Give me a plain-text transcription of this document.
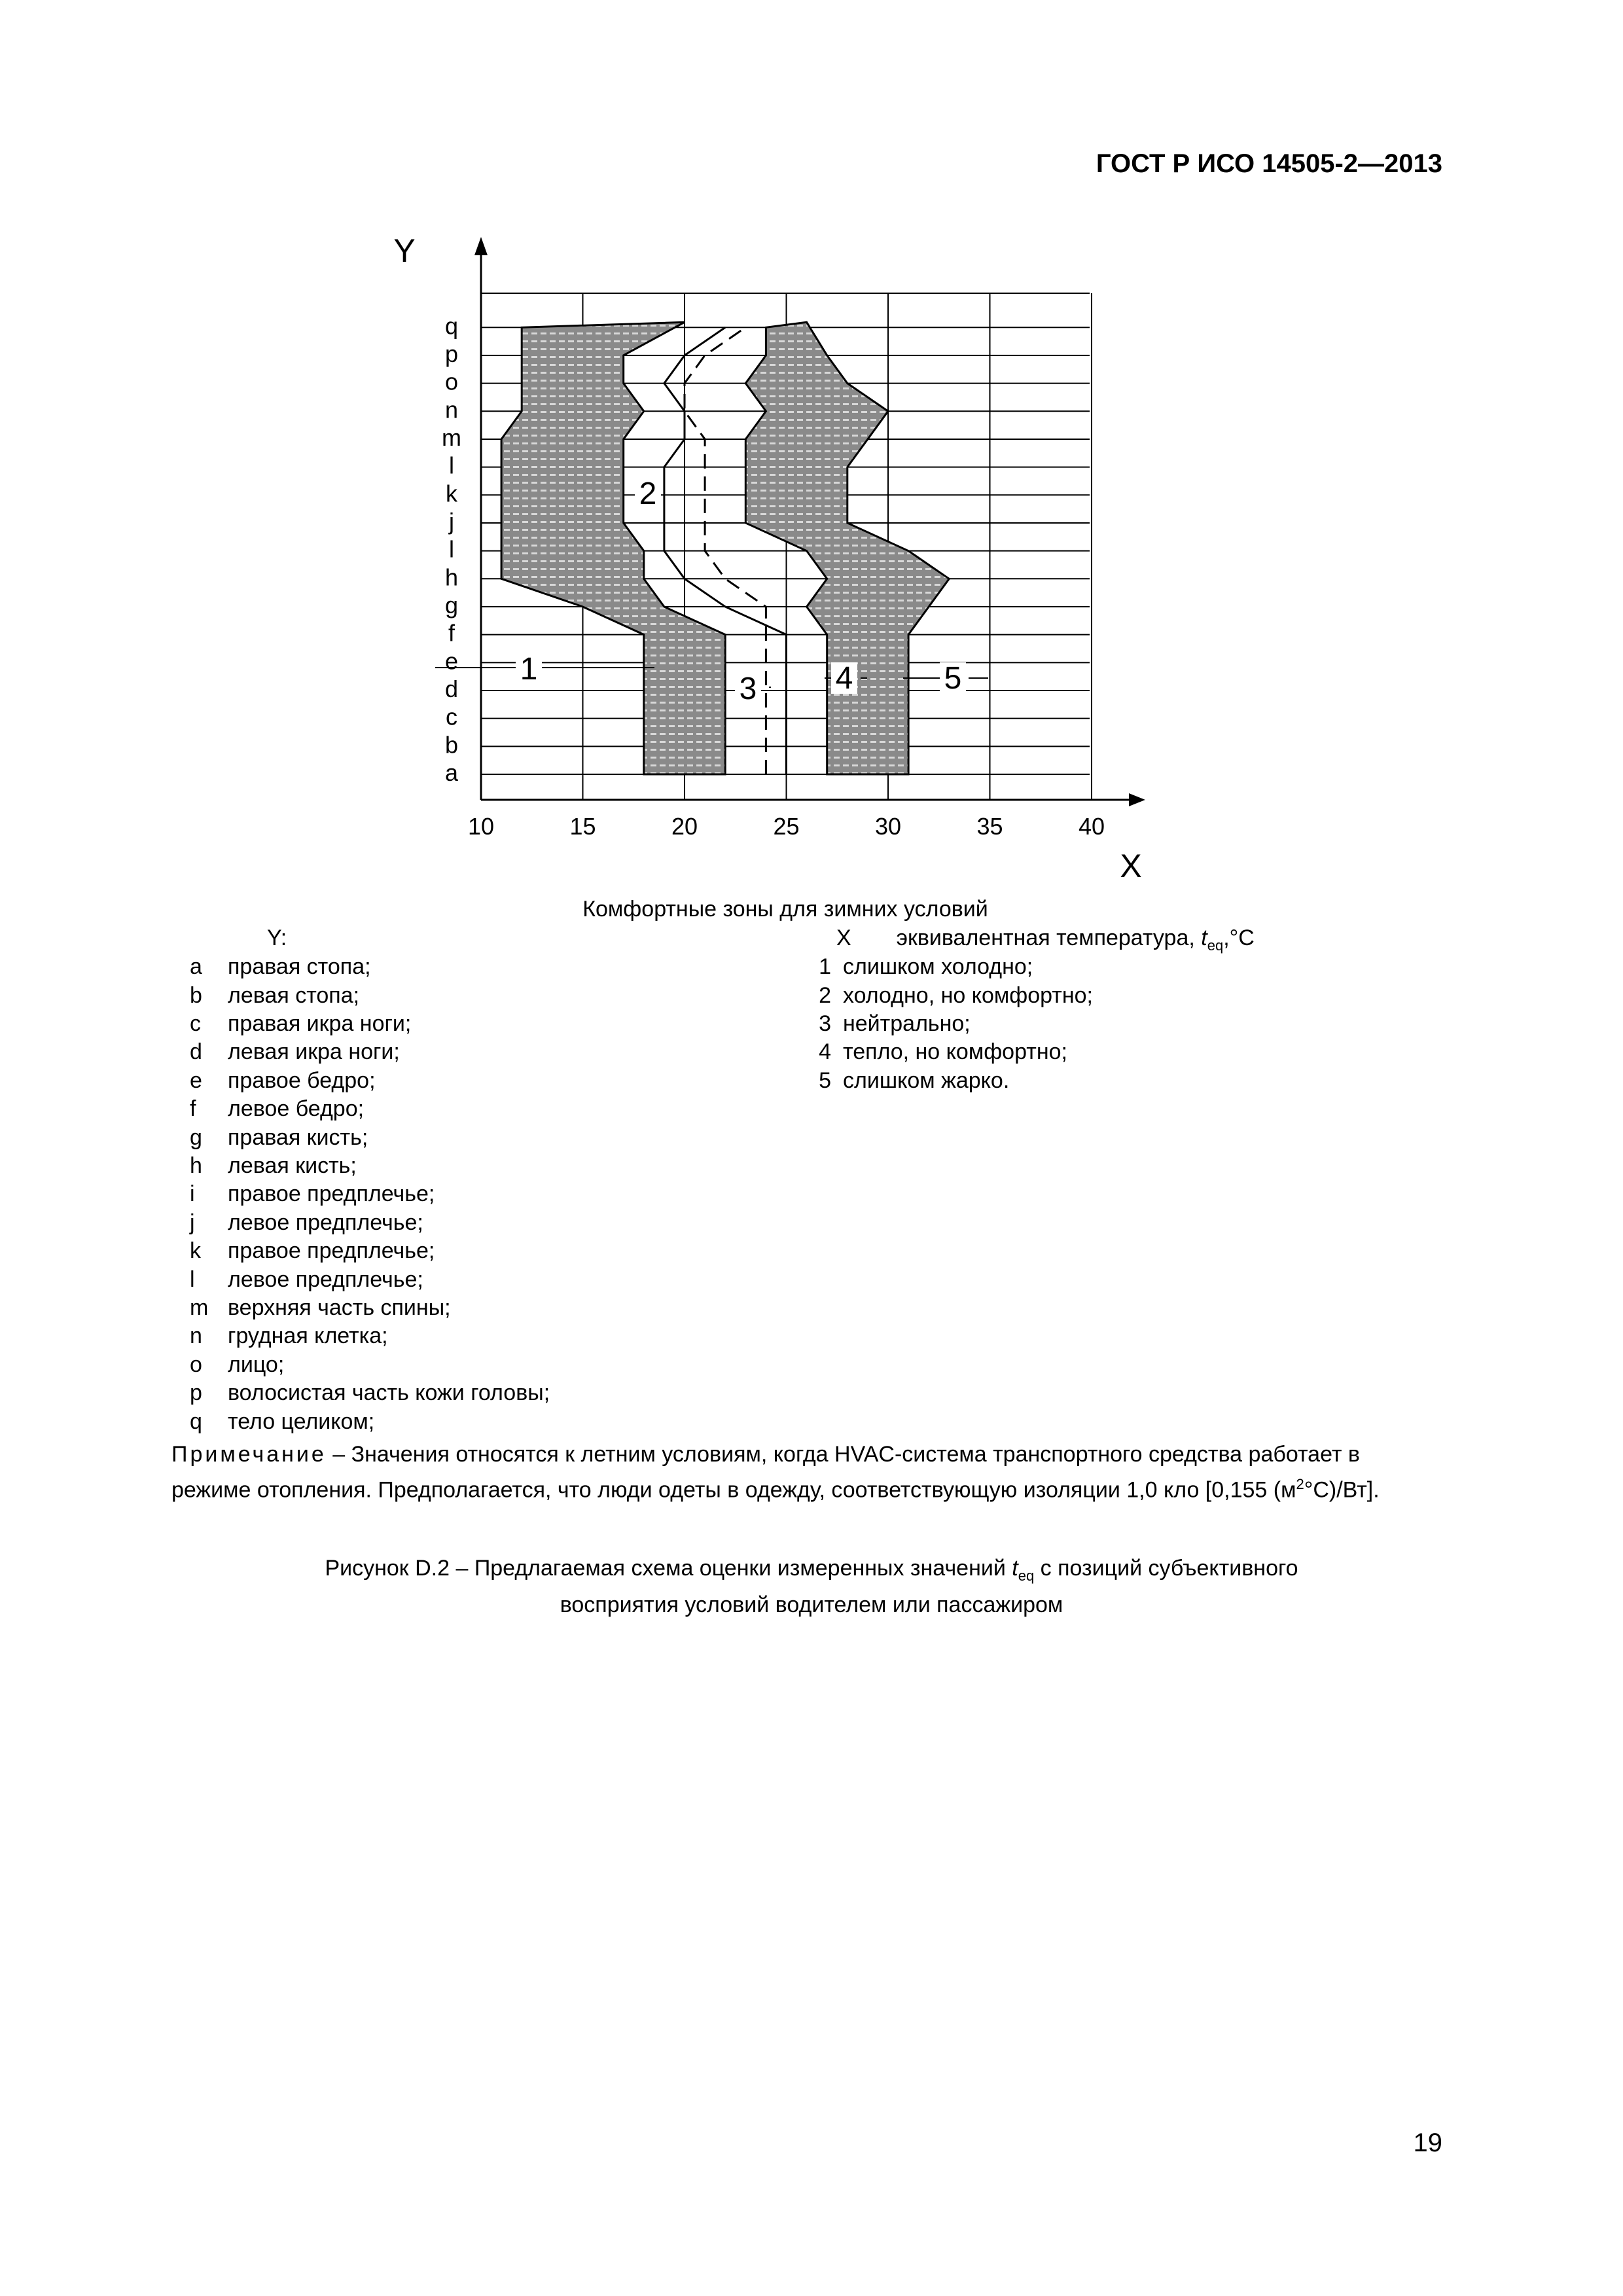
ГОСТ Р ИСО 14505-2—2013
10	15	20	25	30	35	40
a
b
c
d
e
f
g
h
l
j
k
l
m
n
o
p
q
Y
X
1
2
3	4	5
Комфортные зоны для зимних условий
Y:	X эквивалентная температура, $t_{eq},^\circ C$
a правая стопа;
b левая стопа;
c правая икра ноги;
d левая икра ноги;
e правое бедро;
f левое бедро;
g правая кисть;
h левая кисть;
i правое предплечье;
j левое предплечье;
k правое предплечье;
l левое предплечье;
m верхняя часть спины;
n грудная клетка;
o лицо;
p волосистая часть кожи головы;
q тело целиком;
1 слишком холодно;
2 холодно, но комфортно;
3 нейтрально;
4 тепло, но комфортно;
5 слишком жарко.
Примечание – Значения относятся к летним условиям, когда HVAC-система транспортного средства работает в режиме отопления. Предполагается, что люди одеты в одежду, соответствующую изоляции 1,0 кло [0,155 $(м^2^\circ C)/Вт$].
Рисунок D.2 – Предлагаемая схема оценки измеренных значений $t_{eq}$ с позиций субъективного
восприятия условий водителем или пассажиром
19
